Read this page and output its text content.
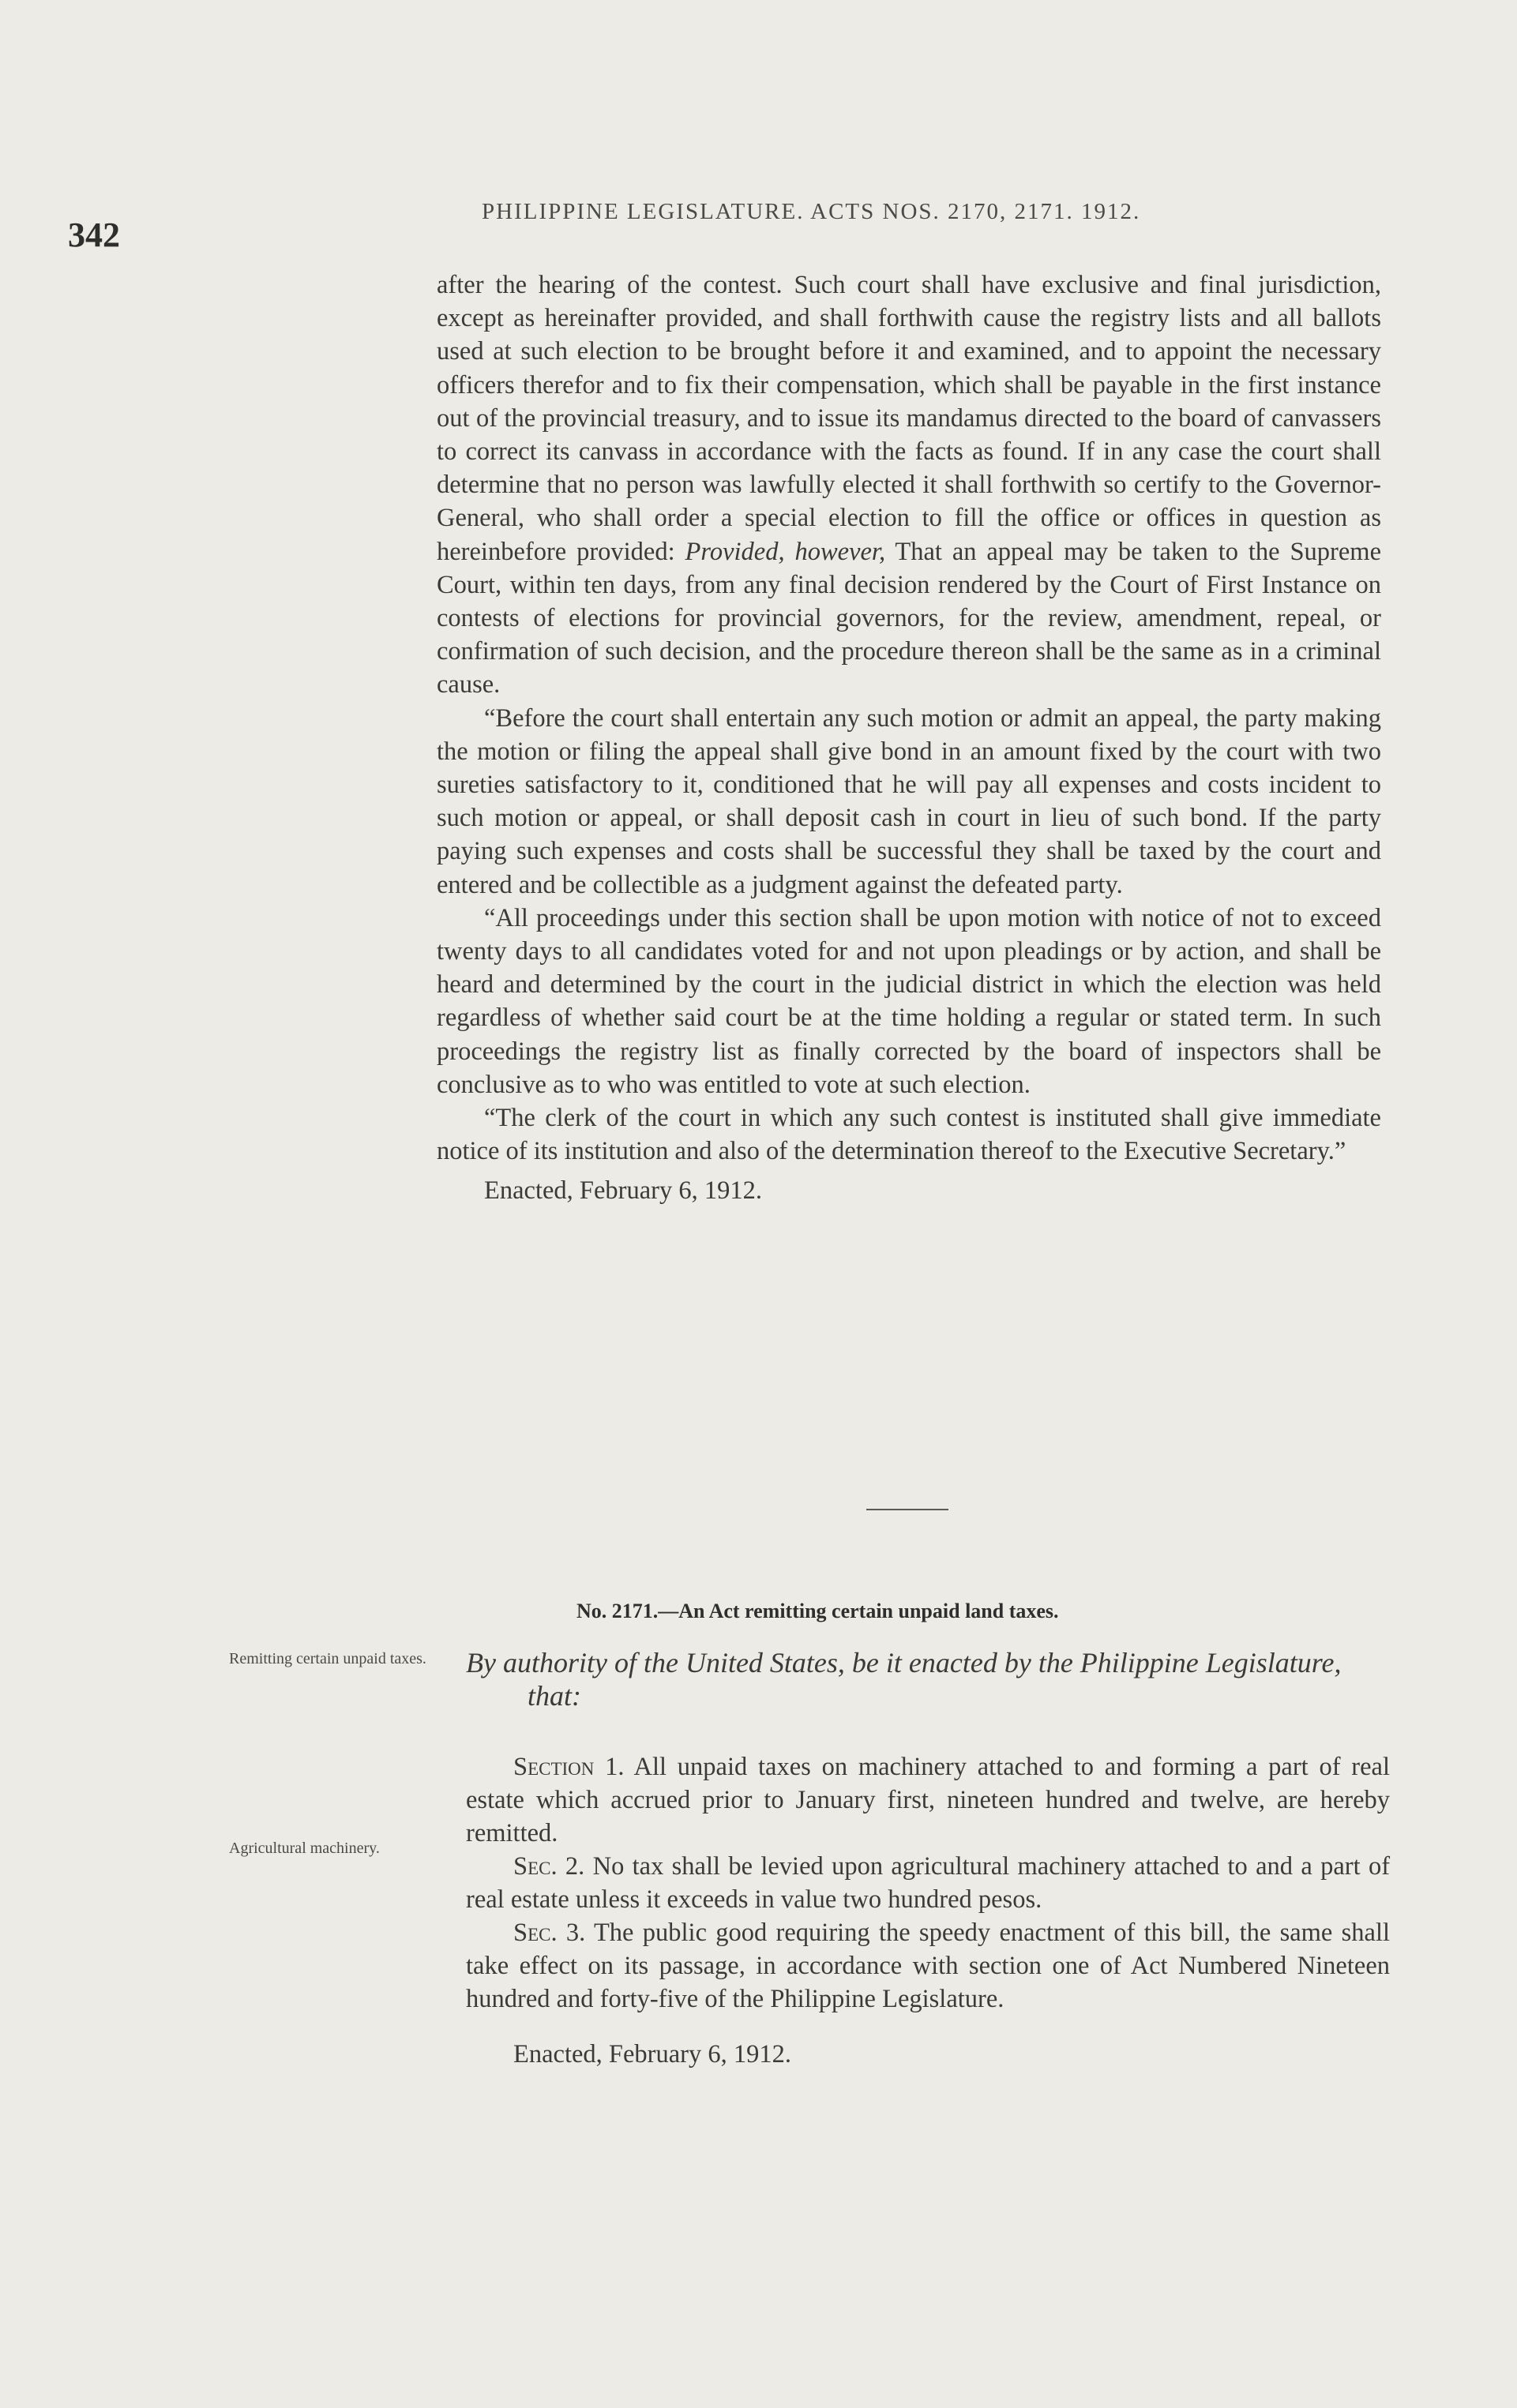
342
PHILIPPINE LEGISLATURE. ACTS NOS. 2170, 2171. 1912.

after the hearing of the contest. Such court shall have exclusive and final jurisdiction, except as hereinafter provided, and shall forthwith cause the registry lists and all ballots used at such election to be brought before it and examined, and to appoint the necessary officers therefor and to fix their compensation, which shall be payable in the first instance out of the provincial treasury, and to issue its mandamus directed to the board of canvassers to correct its canvass in accordance with the facts as found. If in any case the court shall determine that no person was lawfully elected it shall forthwith so certify to the Governor-General, who shall order a special election to fill the office or offices in question as hereinbefore provided: Provided, however, That an appeal may be taken to the Supreme Court, within ten days, from any final decision rendered by the Court of First Instance on contests of elections for provincial governors, for the review, amendment, repeal, or confirmation of such decision, and the procedure thereon shall be the same as in a criminal cause.

“Before the court shall entertain any such motion or admit an appeal, the party making the motion or filing the appeal shall give bond in an amount fixed by the court with two sureties satisfactory to it, conditioned that he will pay all expenses and costs incident to such motion or appeal, or shall deposit cash in court in lieu of such bond. If the party paying such expenses and costs shall be successful they shall be taxed by the court and entered and be collectible as a judgment against the defeated party.

“All proceedings under this section shall be upon motion with notice of not to exceed twenty days to all candidates voted for and not upon pleadings or by action, and shall be heard and determined by the court in the judicial district in which the election was held regardless of whether said court be at the time holding a regular or stated term. In such proceedings the registry list as finally corrected by the board of inspectors shall be conclusive as to who was entitled to vote at such election.

“The clerk of the court in which any such contest is instituted shall give immediate notice of its institution and also of the determination thereof to the Executive Secretary.”

Enacted, February 6, 1912.

No. 2171.—An Act remitting certain unpaid land taxes.
Remitting certain unpaid taxes.
Agricultural machinery.

By authority of the United States, be it enacted by the Philippine Legislature, that:

Section 1. All unpaid taxes on machinery attached to and forming a part of real estate which accrued prior to January first, nineteen hundred and twelve, are hereby remitted.

Sec. 2. No tax shall be levied upon agricultural machinery attached to and a part of real estate unless it exceeds in value two hundred pesos.

Sec. 3. The public good requiring the speedy enactment of this bill, the same shall take effect on its passage, in accordance with section one of Act Numbered Nineteen hundred and forty-five of the Philippine Legislature.

Enacted, February 6, 1912.
